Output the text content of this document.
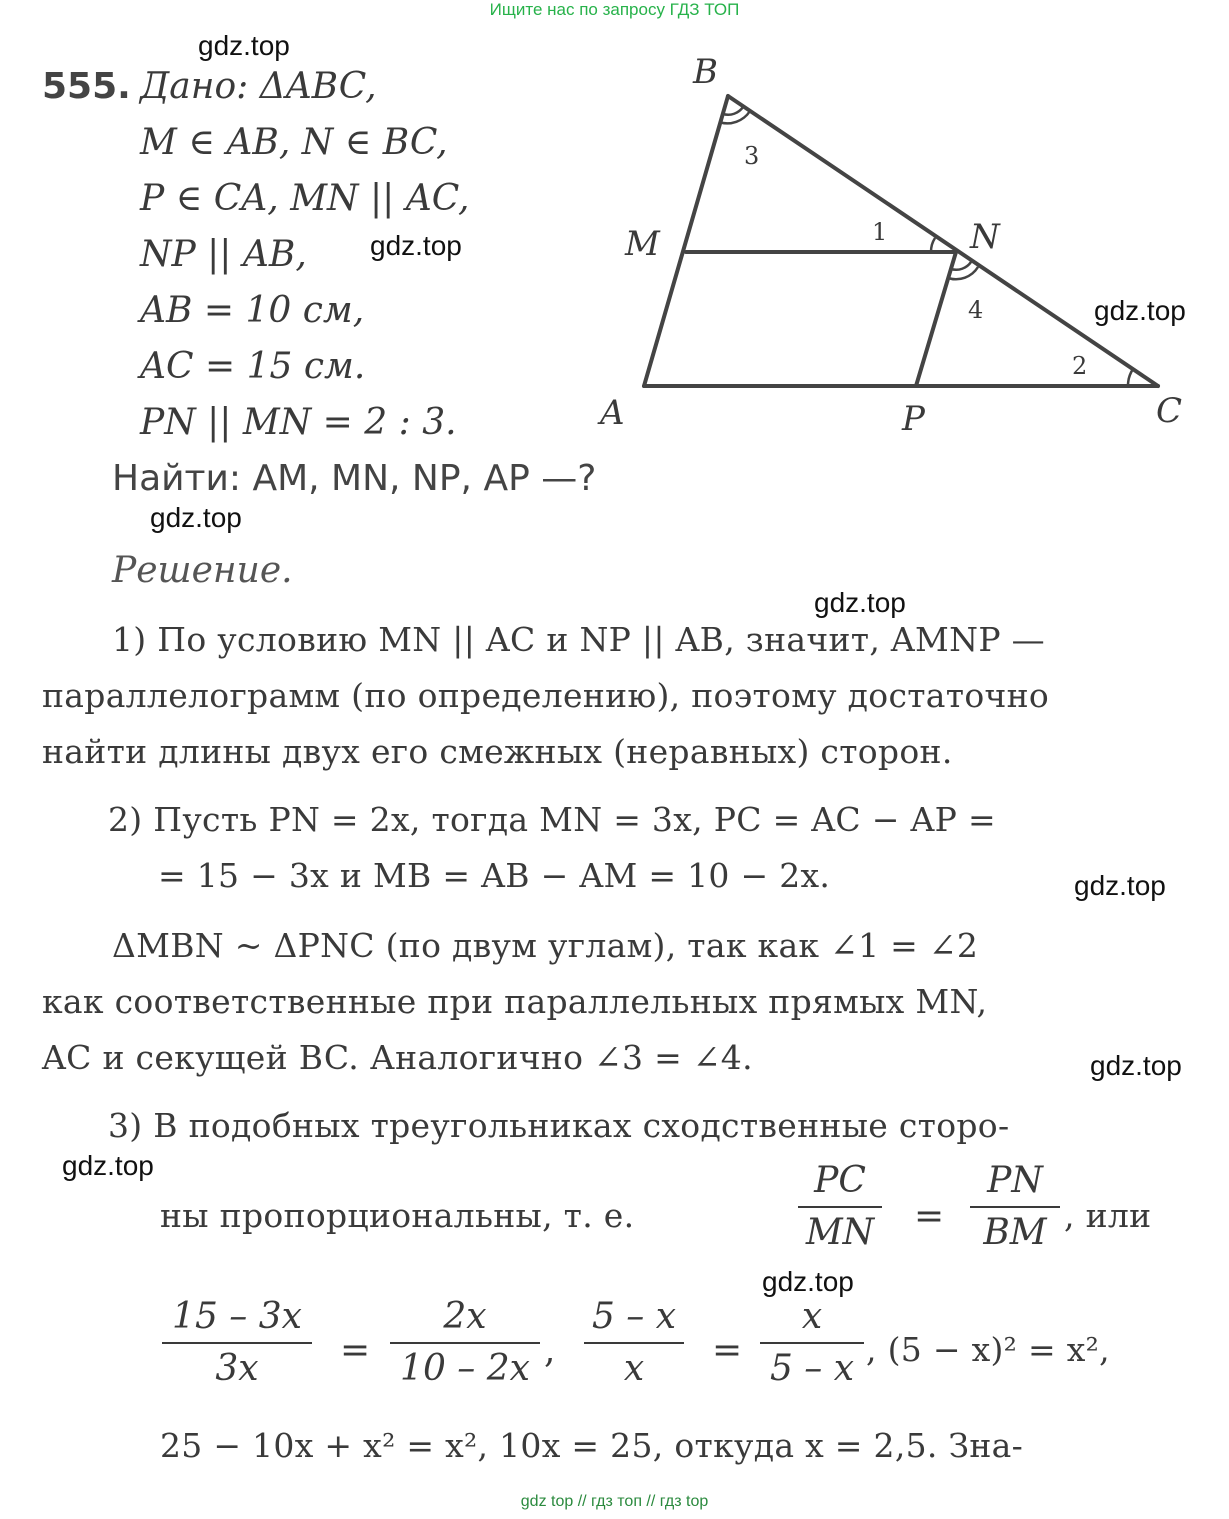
Ищите нас по запросу ГДЗ ТОП
gdz.top
gdz.top
gdz.top
gdz.top
gdz.top
gdz.top
gdz.top
gdz.top
gdz.top
555. Дано: ΔABC,
M ∈ AB, N ∈ BC,
P ∈ CA, MN || AC,
NP || AB,
AB = 10 см,
AC = 15 см.
PN || MN = 2 : 3.
Найти: AM, MN, NP, AP —?
Решение.
B
M	N
A	P	C
1
2
3
4
1) По условию MN || AC и NP || AB, значит, AMNP —
параллелограмм (по определению), поэтому достаточно
найти длины двух его смежных (неравных) сторон.
2) Пусть PN = 2x, тогда MN = 3x, PC = AC − AP =
= 15 − 3x и MB = AB − AM = 10 − 2x.
ΔMBN ~ ΔPNC (по двум углам), так как ∠1 = ∠2
как соответственные при параллельных прямых MN,
AC и секущей BC. Аналогично ∠3 = ∠4.
3) В подобных треугольниках сходственные сторо-
ны пропорциональны, т. е.
PC
MN =
PN
BM , или
15 – 3x
3x	=
2x
10 – 2x ,
5 – x
x	=
x
5 – x , (5 − x)² = x²,
25 − 10x + x² = x², 10x = 25, откуда x = 2,5. Зна-
gdz top // гдз топ // гдз top
